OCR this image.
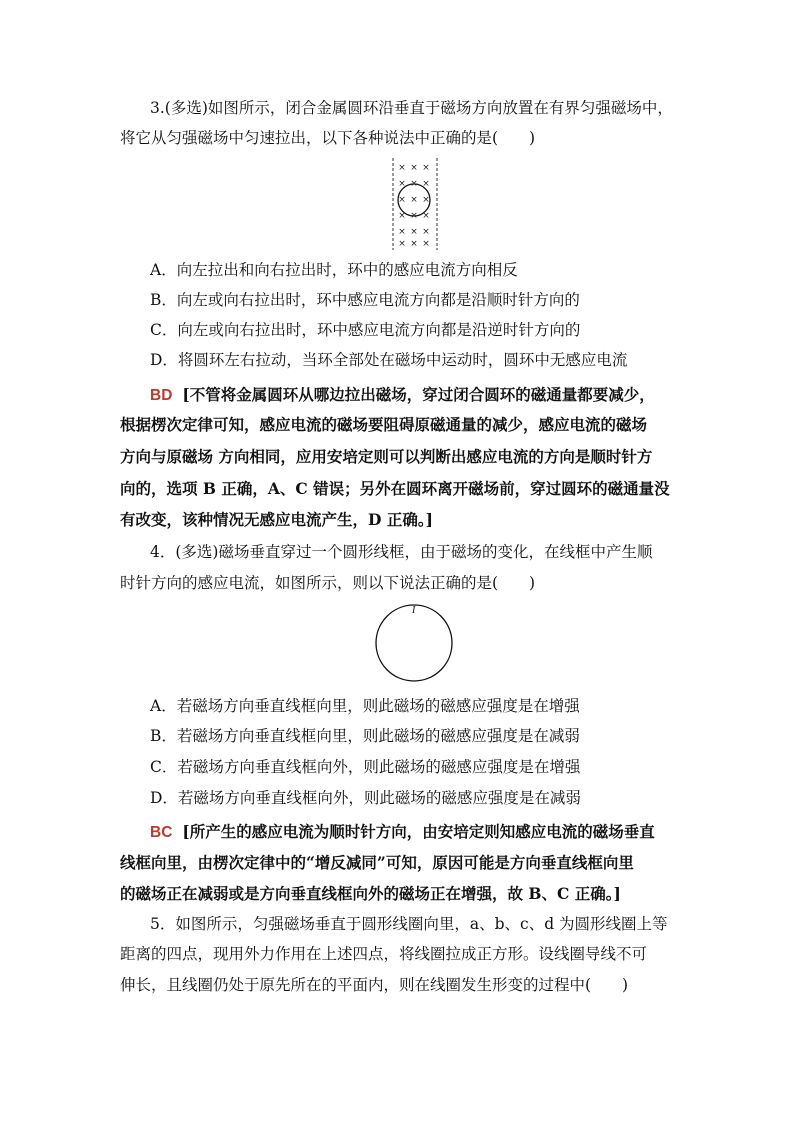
3.(多选)如图所示，闭合金属圆环沿垂直于磁场方向放置在有界匀强磁场中，
将它从匀强磁场中匀速拉出，以下各种说法中正确的是(　　)
× × ×
× × ×
× × ×
× × ×
× × ×
× × ×
A．向左拉出和向右拉出时，环中的感应电流方向相反
B．向左或向右拉出时，环中感应电流方向都是沿顺时针方向的
C．向左或向右拉出时，环中感应电流方向都是沿逆时针方向的
D．将圆环左右拉动，当环全部处在磁场中运动时，圆环中无感应电流
BD [不管将金属圆环从哪边拉出磁场，穿过闭合圆环的磁通量都要减少，
根据楞次定律可知，感应电流的磁场要阻碍原磁通量的减少，感应电流的磁场
方向与原磁场 方向相同，应用安培定则可以判断出感应电流的方向是顺时针方
向的，选项 B 正确，A、C 错误；另外在圆环离开磁场前，穿过圆环的磁通量没
有改变，该种情况无感应电流产生，D 正确。]
4．(多选)磁场垂直穿过一个圆形线框，由于磁场的变化，在线框中产生顺
时针方向的感应电流，如图所示，则以下说法正确的是(　　)
I
A．若磁场方向垂直线框向里，则此磁场的磁感应强度是在增强
B．若磁场方向垂直线框向里，则此磁场的磁感应强度是在减弱
C．若磁场方向垂直线框向外，则此磁场的磁感应强度是在增强
D．若磁场方向垂直线框向外，则此磁场的磁感应强度是在减弱
BC [所产生的感应电流为顺时针方向，由安培定则知感应电流的磁场垂直
线框向里，由楞次定律中的“增反减同”可知，原因可能是方向垂直线框向里
的磁场正在减弱或是方向垂直线框向外的磁场正在增强，故 B、C 正确。]
5．如图所示，匀强磁场垂直于圆形线圈向里，a、b、c、d 为圆形线圈上等
距离的四点，现用外力作用在上述四点，将线圈拉成正方形。设线圈导线不可
伸长，且线圈仍处于原先所在的平面内，则在线圈发生形变的过程中(　　)
